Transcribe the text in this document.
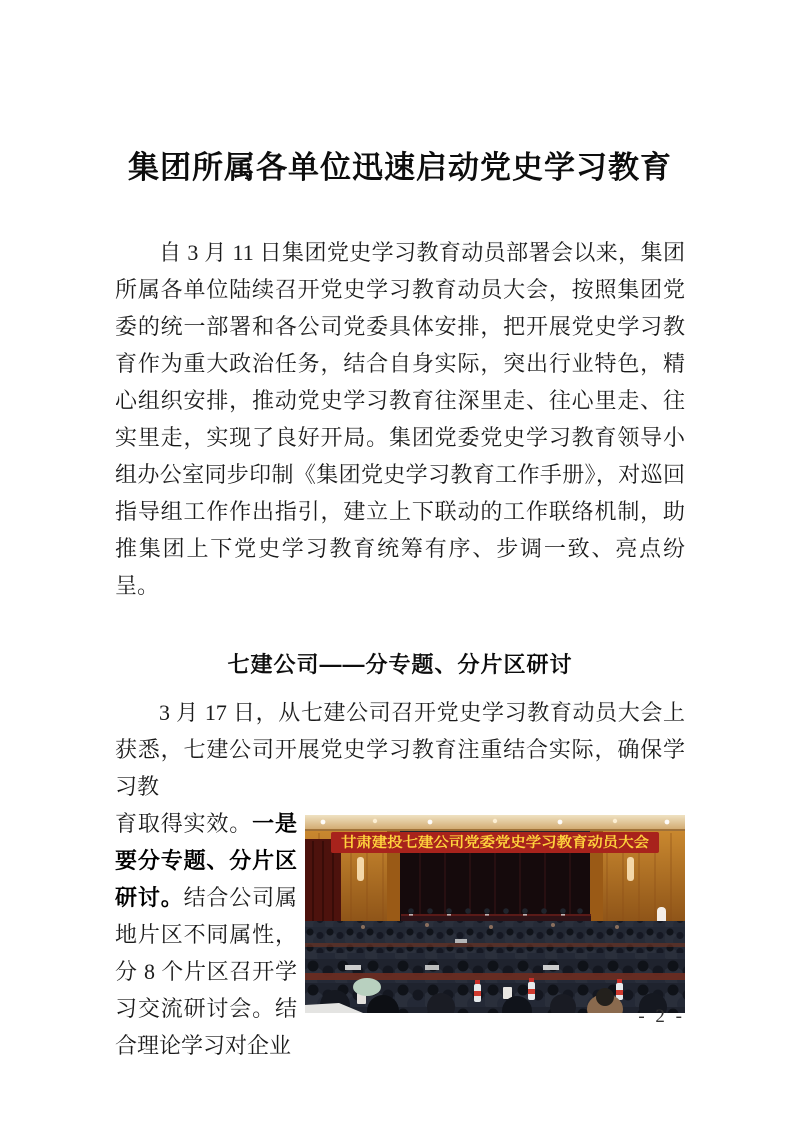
集团所属各单位迅速启动党史学习教育

自 3 月 11 日集团党史学习教育动员部署会以来，集团所属各单位陆续召开党史学习教育动员大会，按照集团党委的统一部署和各公司党委具体安排，把开展党史学习教育作为重大政治任务，结合自身实际，突出行业特色，精心组织安排，推动党史学习教育往深里走、往心里走、往实里走，实现了良好开局。集团党委党史学习教育领导小组办公室同步印制《集团党史学习教育工作手册》，对巡回指导组工作作出指引，建立上下联动的工作联络机制，助推集团上下党史学习教育统筹有序、步调一致、亮点纷呈。

七建公司——分专题、分片区研讨

3 月 17 日，从七建公司召开党史学习教育动员大会上获悉，七建公司开展党史学习教育注重结合实际，确保学习教

育取得实效。一是要分专题、分片区研讨。结合公司属地片区不同属性，分 8 个片区召开学习交流研讨会。结合理论学习对企业
甘肃建投七建公司党委党史学习教育动员大会
- 2 -
